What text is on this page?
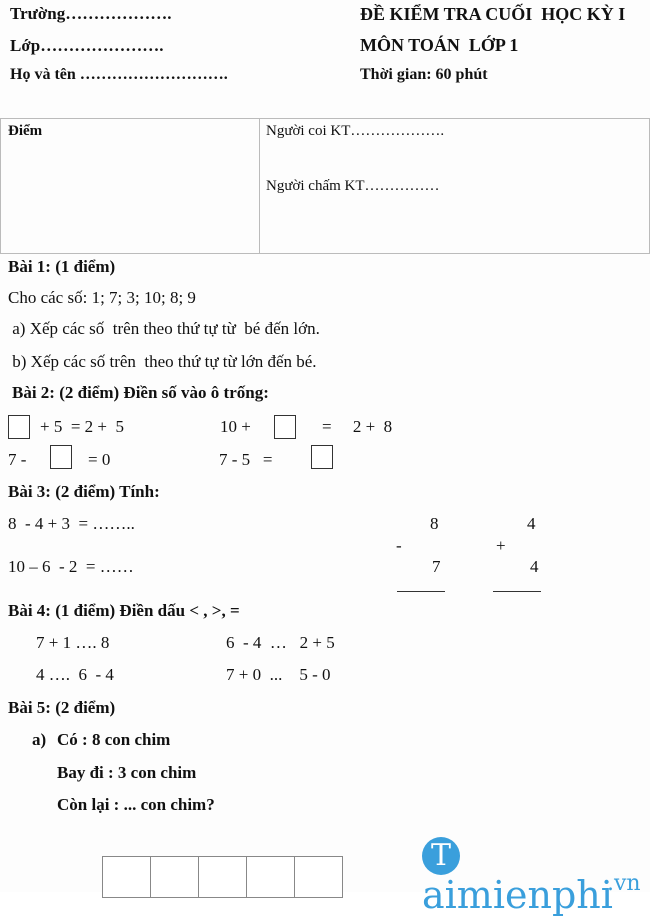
Trường……………….
Lớp………………….
Họ và tên ……………………….
ĐỀ KIỂM TRA CUỐI  HỌC KỲ I
MÔN TOÁN  LỚP 1
Thời gian: 60 phút
Điểm	Người coi KT……………….
Người chấm KT……………
Bài 1: (1 điểm)
Cho các số: 1; 7; 3; 10; 8; 9
a) Xếp các số  trên theo thứ tự từ  bé đến lớn.
b) Xếp các số trên  theo thứ tự từ lớn đến bé.
Bài 2: (2 điểm) Điền số vào ô trống:
+ 5  = 2 +  5	10 +	=     2 +  8
7 -	= 0	7 - 5   =
Bài 3: (2 điểm) Tính:
8  - 4 + 3  = ……..
10 – 6  - 2  = ……
8
-
7
4
+
4
Bài 4: (1 điểm) Điền dấu < , >, =
7 + 1 …. 8	6  - 4  …   2 + 5
4 ….  6  - 4	7 + 0  ...    5 - 0
Bài 5: (2 điểm)
a) Có : 8 con chim
Bay đi : 3 con chim
Còn lại : ... con chim?
Taimienphi
.vn
